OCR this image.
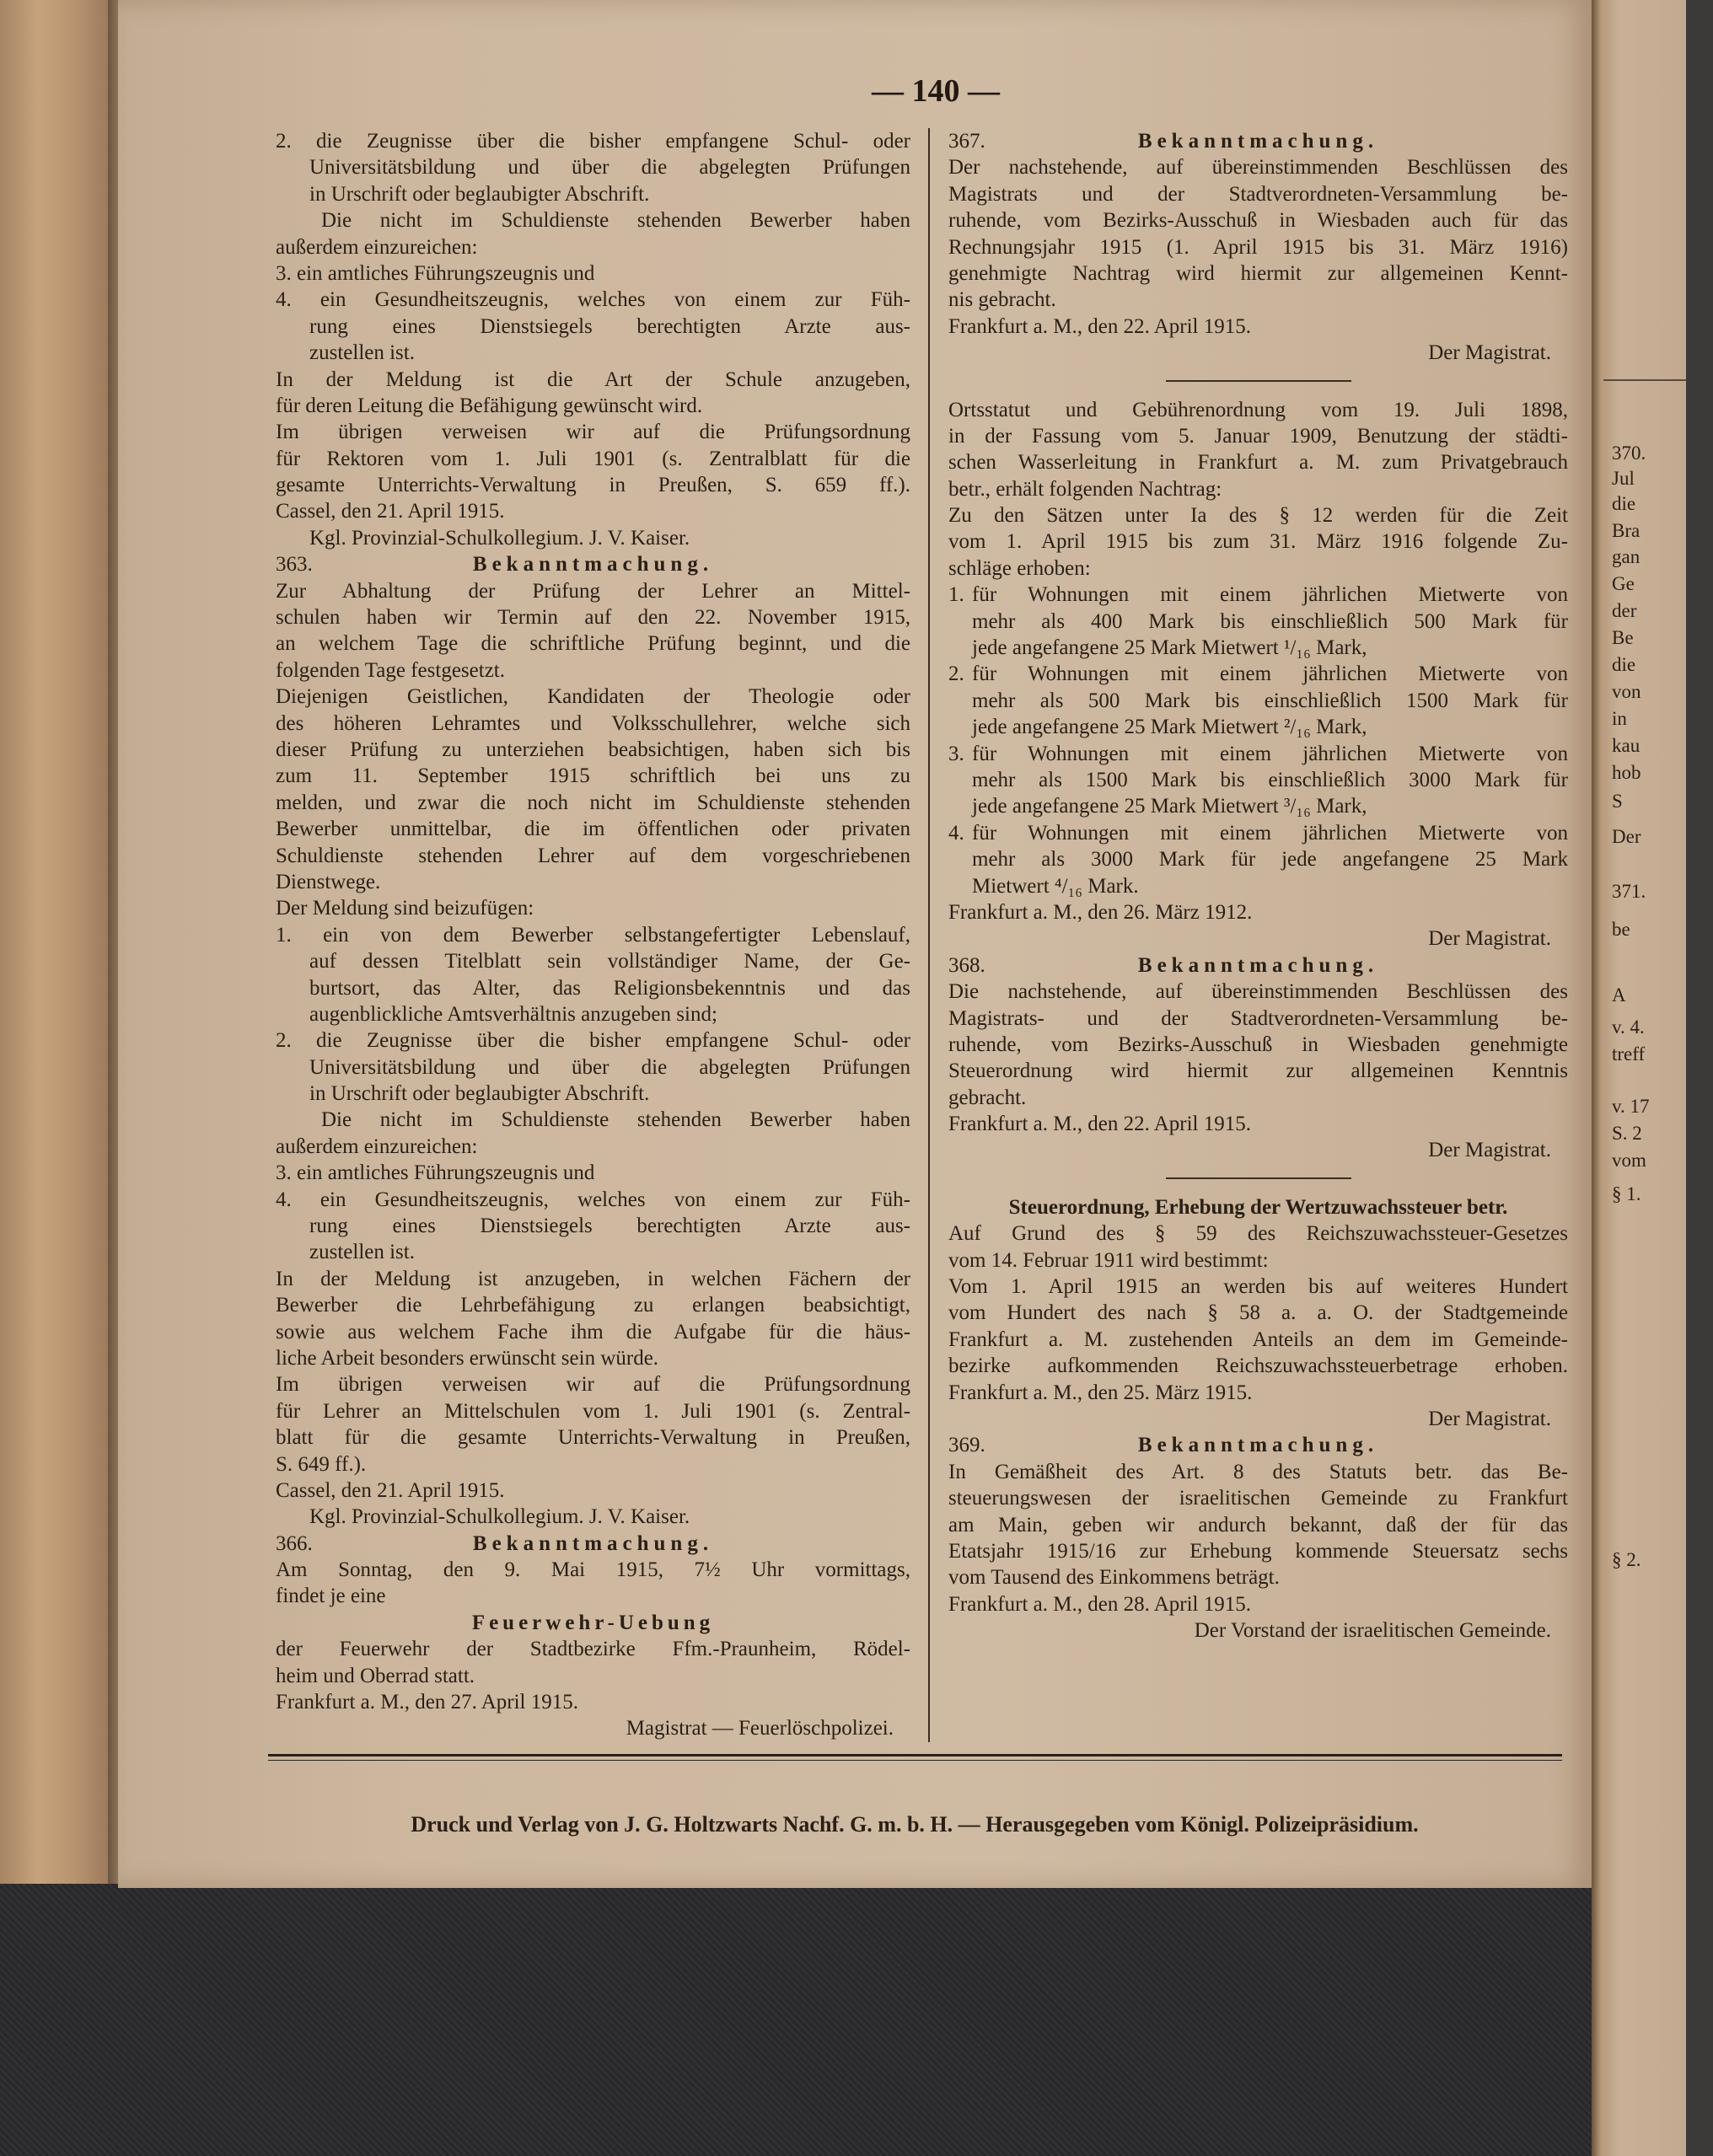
370.
Jul
die
Bra
gan
Ge
der
Be
die
von
in
kau
hob
S
Der
371.
be
A
v. 4.
treff
v. 17
S. 2
vom
§ 1.
§ 2.
— 140 —
2. die Zeugnisse über die bisher empfangene Schul- oder
Universitätsbildung und über die abgelegten Prüfungen
in Urschrift oder beglaubigter Abschrift.
Die nicht im Schuldienste stehenden Bewerber haben
außerdem einzureichen:
3. ein amtliches Führungszeugnis und
4. ein Gesundheitszeugnis, welches von einem zur Füh-
rung eines Dienstsiegels berechtigten Arzte aus-
zustellen ist.
In der Meldung ist die Art der Schule anzugeben,
für deren Leitung die Befähigung gewünscht wird.
Im übrigen verweisen wir auf die Prüfungsordnung
für Rektoren vom 1. Juli 1901 (s. Zentralblatt für die
gesamte Unterrichts-Verwaltung in Preußen, S. 659 ff.).
Cassel, den 21. April 1915.
Kgl. Provinzial-Schulkollegium. J. V. Kaiser.
363.	Bekanntmachung.
Zur Abhaltung der Prüfung der Lehrer an Mittel-
schulen haben wir Termin auf den 22. November 1915,
an welchem Tage die schriftliche Prüfung beginnt, und die
folgenden Tage festgesetzt.
Diejenigen Geistlichen, Kandidaten der Theologie oder
des höheren Lehramtes und Volksschullehrer, welche sich
dieser Prüfung zu unterziehen beabsichtigen, haben sich bis
zum 11. September 1915 schriftlich bei uns zu
melden, und zwar die noch nicht im Schuldienste stehenden
Bewerber unmittelbar, die im öffentlichen oder privaten
Schuldienste stehenden Lehrer auf dem vorgeschriebenen
Dienstwege.
Der Meldung sind beizufügen:
1. ein von dem Bewerber selbstangefertigter Lebenslauf,
auf dessen Titelblatt sein vollständiger Name, der Ge-
burtsort, das Alter, das Religionsbekenntnis und das
augenblickliche Amtsverhältnis anzugeben sind;
2. die Zeugnisse über die bisher empfangene Schul- oder
Universitätsbildung und über die abgelegten Prüfungen
in Urschrift oder beglaubigter Abschrift.
Die nicht im Schuldienste stehenden Bewerber haben
außerdem einzureichen:
3. ein amtliches Führungszeugnis und
4. ein Gesundheitszeugnis, welches von einem zur Füh-
rung eines Dienstsiegels berechtigten Arzte aus-
zustellen ist.
In der Meldung ist anzugeben, in welchen Fächern der
Bewerber die Lehrbefähigung zu erlangen beabsichtigt,
sowie aus welchem Fache ihm die Aufgabe für die häus-
liche Arbeit besonders erwünscht sein würde.
Im übrigen verweisen wir auf die Prüfungsordnung
für Lehrer an Mittelschulen vom 1. Juli 1901 (s. Zentral-
blatt für die gesamte Unterrichts-Verwaltung in Preußen,
S. 649 ff.).
Cassel, den 21. April 1915.
Kgl. Provinzial-Schulkollegium. J. V. Kaiser.
366.	Bekanntmachung.
Am Sonntag, den 9. Mai 1915, 7½ Uhr vormittags,
findet je eine
Feuerwehr-Uebung
der Feuerwehr der Stadtbezirke Ffm.-Praunheim, Rödel-
heim und Oberrad statt.
Frankfurt a. M., den 27. April 1915.
Magistrat — Feuerlöschpolizei.
367.	Bekanntmachung.
Der nachstehende, auf übereinstimmenden Beschlüssen des
Magistrats und der Stadtverordneten-Versammlung be-
ruhende, vom Bezirks-Ausschuß in Wiesbaden auch für das
Rechnungsjahr 1915 (1. April 1915 bis 31. März 1916)
genehmigte Nachtrag wird hiermit zur allgemeinen Kennt-
nis gebracht.
Frankfurt a. M., den 22. April 1915.
Der Magistrat.
Ortsstatut und Gebührenordnung vom 19. Juli 1898,
in der Fassung vom 5. Januar 1909, Benutzung der städti-
schen Wasserleitung in Frankfurt a. M. zum Privatgebrauch
betr., erhält folgenden Nachtrag:
Zu den Sätzen unter Ia des § 12 werden für die Zeit
vom 1. April 1915 bis zum 31. März 1916 folgende Zu-
schläge erhoben:
1. für Wohnungen mit einem jährlichen Mietwerte von
mehr als 400 Mark bis einschließlich 500 Mark für
jede angefangene 25 Mark Mietwert ¹/₁₆ Mark,
2. für Wohnungen mit einem jährlichen Mietwerte von
mehr als 500 Mark bis einschließlich 1500 Mark für
jede angefangene 25 Mark Mietwert ²/₁₆ Mark,
3. für Wohnungen mit einem jährlichen Mietwerte von
mehr als 1500 Mark bis einschließlich 3000 Mark für
jede angefangene 25 Mark Mietwert ³/₁₆ Mark,
4. für Wohnungen mit einem jährlichen Mietwerte von
mehr als 3000 Mark für jede angefangene 25 Mark
Mietwert ⁴/₁₆ Mark.
Frankfurt a. M., den 26. März 1912.
Der Magistrat.
368.	Bekanntmachung.
Die nachstehende, auf übereinstimmenden Beschlüssen des
Magistrats- und der Stadtverordneten-Versammlung be-
ruhende, vom Bezirks-Ausschuß in Wiesbaden genehmigte
Steuerordnung wird hiermit zur allgemeinen Kenntnis
gebracht.
Frankfurt a. M., den 22. April 1915.
Der Magistrat.
Steuerordnung, Erhebung der Wertzuwachssteuer betr.
Auf Grund des § 59 des Reichszuwachssteuer-Gesetzes
vom 14. Februar 1911 wird bestimmt:
Vom 1. April 1915 an werden bis auf weiteres Hundert
vom Hundert des nach § 58 a. a. O. der Stadtgemeinde
Frankfurt a. M. zustehenden Anteils an dem im Gemeinde-
bezirke aufkommenden Reichszuwachssteuerbetrage erhoben.
Frankfurt a. M., den 25. März 1915.
Der Magistrat.
369.	Bekanntmachung.
In Gemäßheit des Art. 8 des Statuts betr. das Be-
steuerungswesen der israelitischen Gemeinde zu Frankfurt
am Main, geben wir andurch bekannt, daß der für das
Etatsjahr 1915/16 zur Erhebung kommende Steuersatz sechs
vom Tausend des Einkommens beträgt.
Frankfurt a. M., den 28. April 1915.
Der Vorstand der israelitischen Gemeinde.
Druck und Verlag von J. G. Holtzwarts Nachf. G. m. b. H. — Herausgegeben vom Königl. Polizeipräsidium.
